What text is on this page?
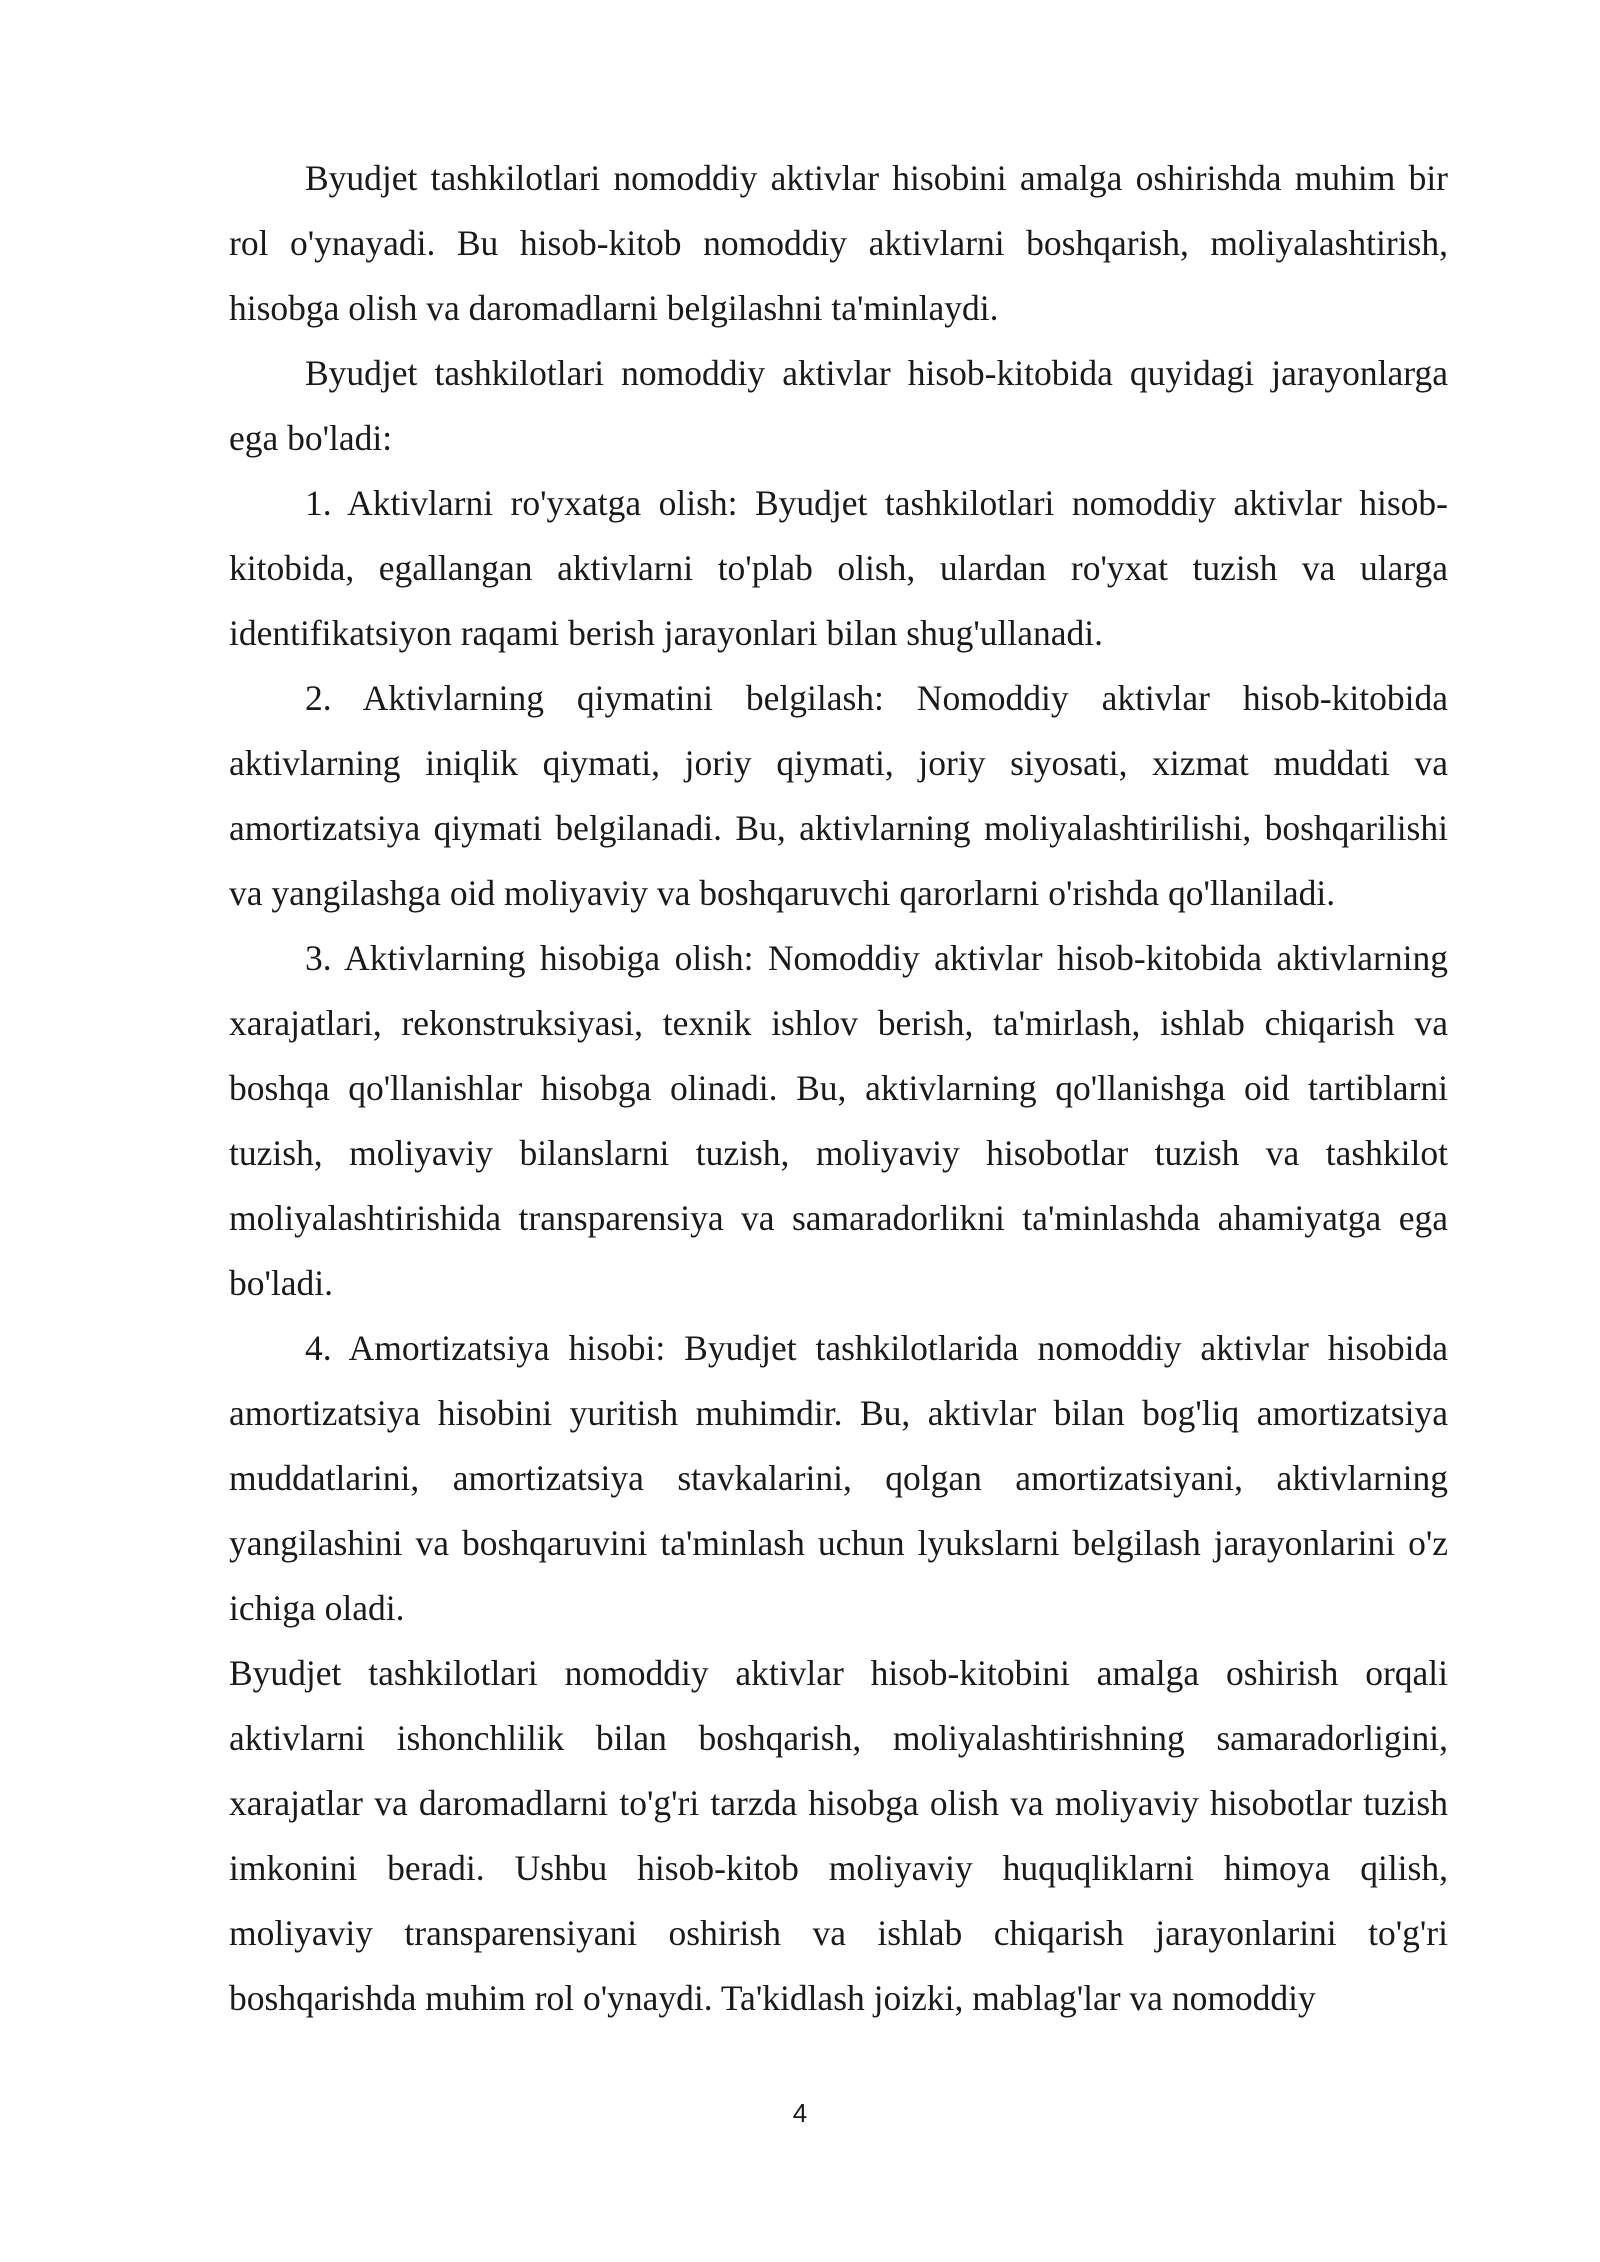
Byudjet tashkilotlari nomoddiy aktivlar hisobini amalga oshirishda muhim bir rol o'ynayadi. Bu hisob-kitob nomoddiy aktivlarni boshqarish, moliyalashtirish, hisobga olish va daromadlarni belgilashni ta'minlaydi.

Byudjet tashkilotlari nomoddiy aktivlar hisob-kitobida quyidagi jarayonlarga ega bo'ladi:

1. Aktivlarni ro'yxatga olish: Byudjet tashkilotlari nomoddiy aktivlar hisob-kitobida, egallangan aktivlarni to'plab olish, ulardan ro'yxat tuzish va ularga identifikatsiyon raqami berish jarayonlari bilan shug'ullanadi.

2. Aktivlarning qiymatini belgilash: Nomoddiy aktivlar hisob-kitobida aktivlarning iniqlik qiymati, joriy qiymati, joriy siyosati, xizmat muddati va amortizatsiya qiymati belgilanadi. Bu, aktivlarning moliyalashtirilishi, boshqarilishi va yangilashga oid moliyaviy va boshqaruvchi qarorlarni o'rishda qo'llaniladi.

3. Aktivlarning hisobiga olish: Nomoddiy aktivlar hisob-kitobida aktivlarning xarajatlari, rekonstruksiyasi, texnik ishlov berish, ta'mirlash, ishlab chiqarish va boshqa qo'llanishlar hisobga olinadi. Bu, aktivlarning qo'llanishga oid tartiblarni tuzish, moliyaviy bilanslarni tuzish, moliyaviy hisobotlar tuzish va tashkilot moliyalashtirishida transparensiya va samaradorlikni ta'minlashda ahamiyatga ega bo'ladi.

4. Amortizatsiya hisobi: Byudjet tashkilotlarida nomoddiy aktivlar hisobida amortizatsiya hisobini yuritish muhimdir. Bu, aktivlar bilan bog'liq amortizatsiya muddatlarini, amortizatsiya stavkalarini, qolgan amortizatsiyani, aktivlarning yangilashini va boshqaruvini ta'minlash uchun lyukslarni belgilash jarayonlarini o'z ichiga oladi.

Byudjet tashkilotlari nomoddiy aktivlar hisob-kitobini amalga oshirish orqali aktivlarni ishonchlilik bilan boshqarish, moliyalashtirishning samaradorligini, xarajatlar va daromadlarni to'g'ri tarzda hisobga olish va moliyaviy hisobotlar tuzish imkonini beradi. Ushbu hisob-kitob moliyaviy huquqliklarni himoya qilish, moliyaviy transparensiyani oshirish va ishlab chiqarish jarayonlarini to'g'ri boshqarishda muhim rol o'ynaydi. Ta'kidlash joizki, mablag'lar va nomoddiy

4
